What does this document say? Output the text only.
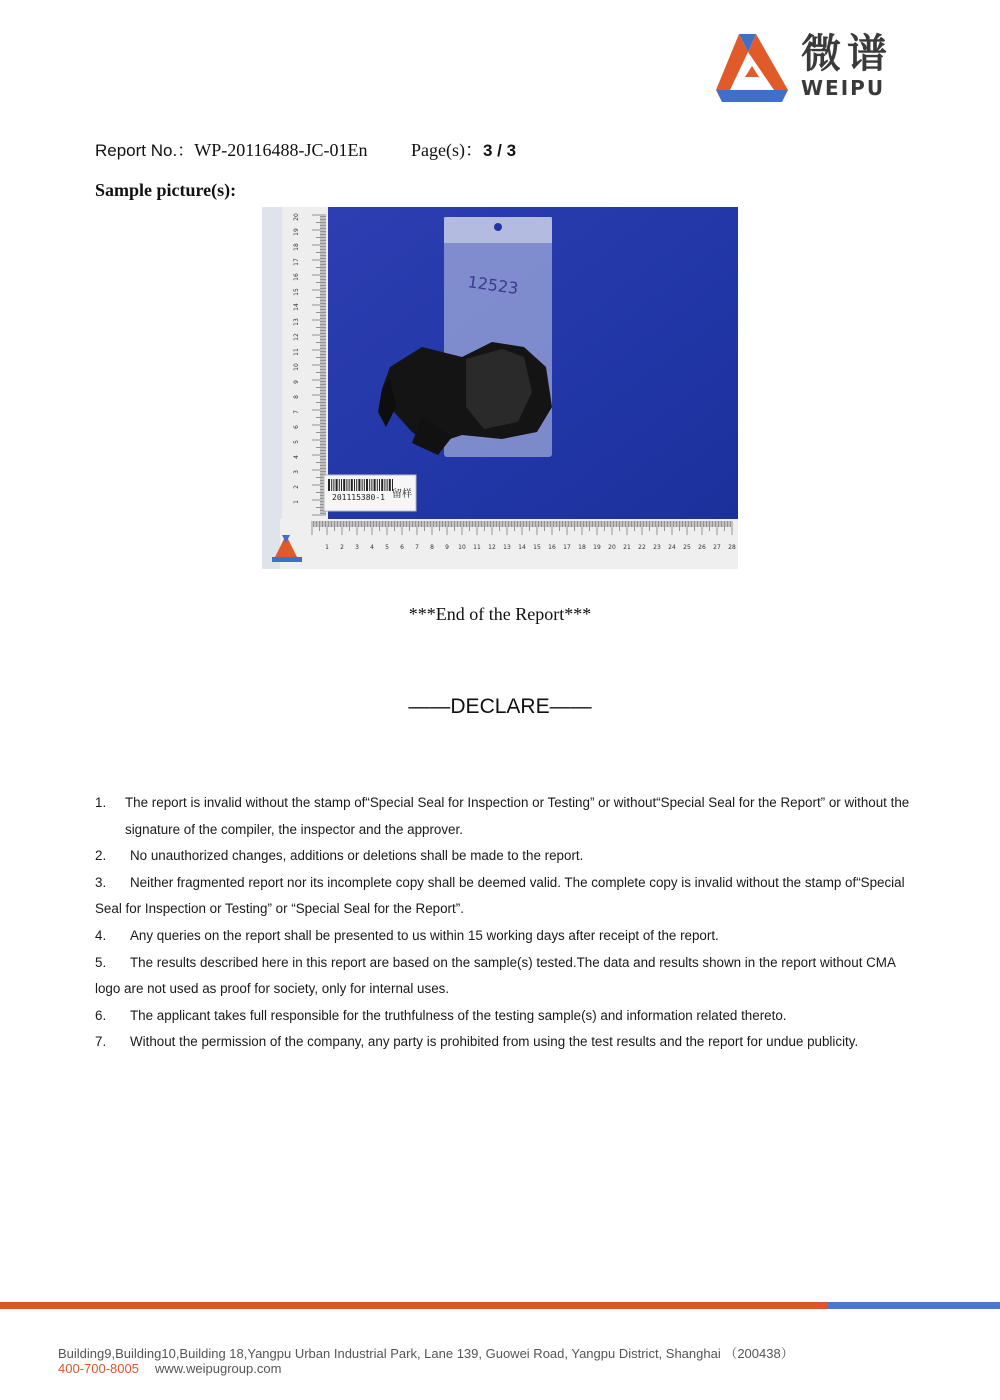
微谱
WEIPU
Report No.：WP-20116488-JC-01En Page(s)：3 / 3
Sample picture(s):
1
2
3
4
5
6
7
8
9
10
11
12
13
14
15
16
17
18
19
20
1 2 3 4 5 6 7 8 9 10 11 12 13 14 15 16 17 18 19 20 21 22 23 24 25 26 27 28
12523
201115380-1 留样
***End of the Report***
——DECLARE——
1.	The report is invalid without the stamp of“Special Seal for Inspection or Testing” or without“Special Seal for the Report” or without the signature of the compiler, the inspector and the approver.
2.	No unauthorized changes, additions or deletions shall be made to the report.
3.	Neither fragmented report nor its incomplete copy shall be deemed valid. The complete copy is invalid without the stamp of“Special Seal for Inspection or Testing” or “Special Seal for the Report”.
4.	Any queries on the report shall be presented to us within 15 working days after receipt of the report.
5.	The results described here in this report are based on the sample(s) tested.The data and results shown in the report without CMA logo are not used as proof for society, only for internal uses.
6.	The applicant takes full responsible for the truthfulness of the testing sample(s) and information related thereto.
7.	Without the permission of the company, any party is prohibited from using the test results and the report for undue publicity.
Building9,Building10,Building 18,Yangpu Urban Industrial Park, Lane 139, Guowei Road, Yangpu District, Shanghai （200438）
400-700-8005 www.weipugroup.com
